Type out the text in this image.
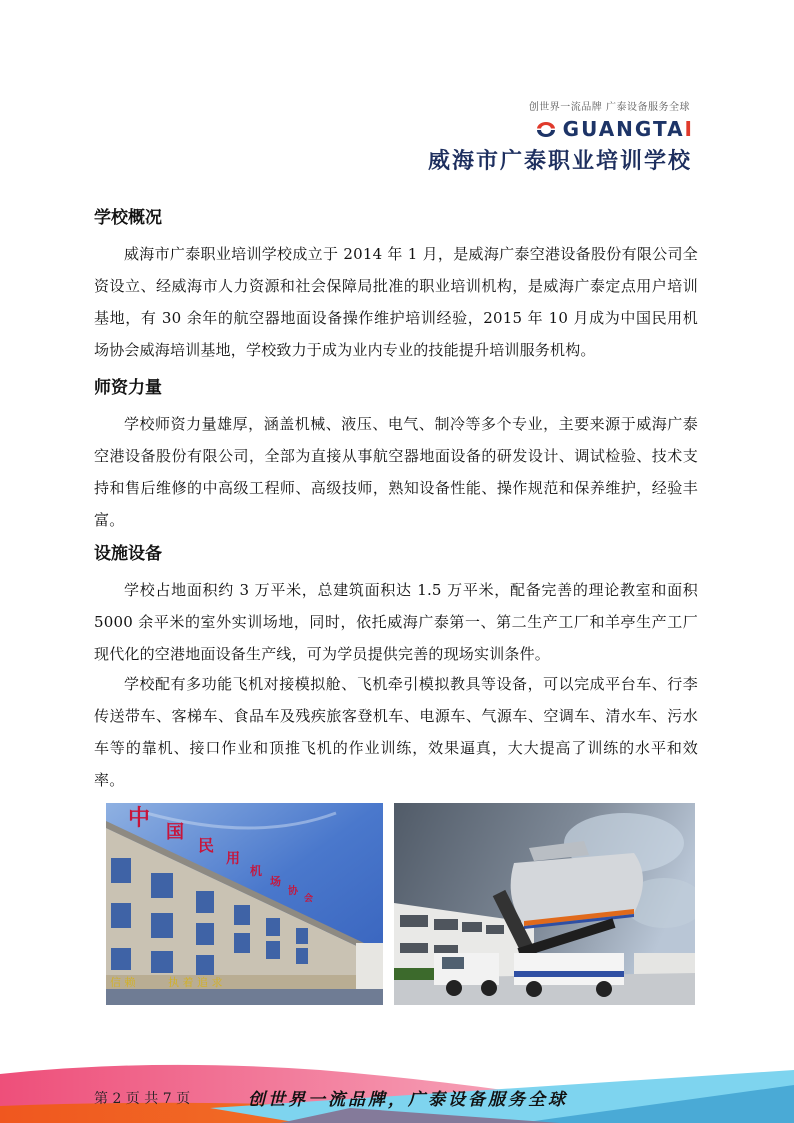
创世界一流品牌 广泰设备服务全球
GUANGTAI
威海市广泰职业培训学校
学校概况

威海市广泰职业培训学校成立于 2014 年 1 月，是威海广泰空港设备股份有限公司全资设立、经威海市人力资源和社会保障局批准的职业培训机构，是威海广泰定点用户培训基地，有 30 余年的航空器地面设备操作维护培训经验，2015 年 10 月成为中国民用机场协会威海培训基地，学校致力于成为业内专业的技能提升培训服务机构。

师资力量

学校师资力量雄厚，涵盖机械、液压、电气、制冷等多个专业，主要来源于威海广泰空港设备股份有限公司，全部为直接从事航空器地面设备的研发设计、调试检验、技术支持和售后维修的中高级工程师、高级技师，熟知设备性能、操作规范和保养维护，经验丰富。

设施设备

学校占地面积约 3 万平米，总建筑面积达 1.5 万平米，配备完善的理论教室和面积 5000 余平米的室外实训场地，同时，依托威海广泰第一、第二生产工厂和羊亭生产工厂现代化的空港地面设备生产线，可为学员提供完善的现场实训条件。

学校配有多功能飞机对接模拟舱、飞机牵引模拟教具等设备，可以完成平台车、行李传送带车、客梯车、食品车及残疾旅客登机车、电源车、气源车、空调车、清水车、污水车等的靠机、接口作业和顶推飞机的作业训练，效果逼真，大大提高了训练的水平和效率。

信 赖	执 着 追 求
中
国
民
用
机
场
协
会
第 2 页 共 7 页	创世界一流品牌，广泰设备服务全球
